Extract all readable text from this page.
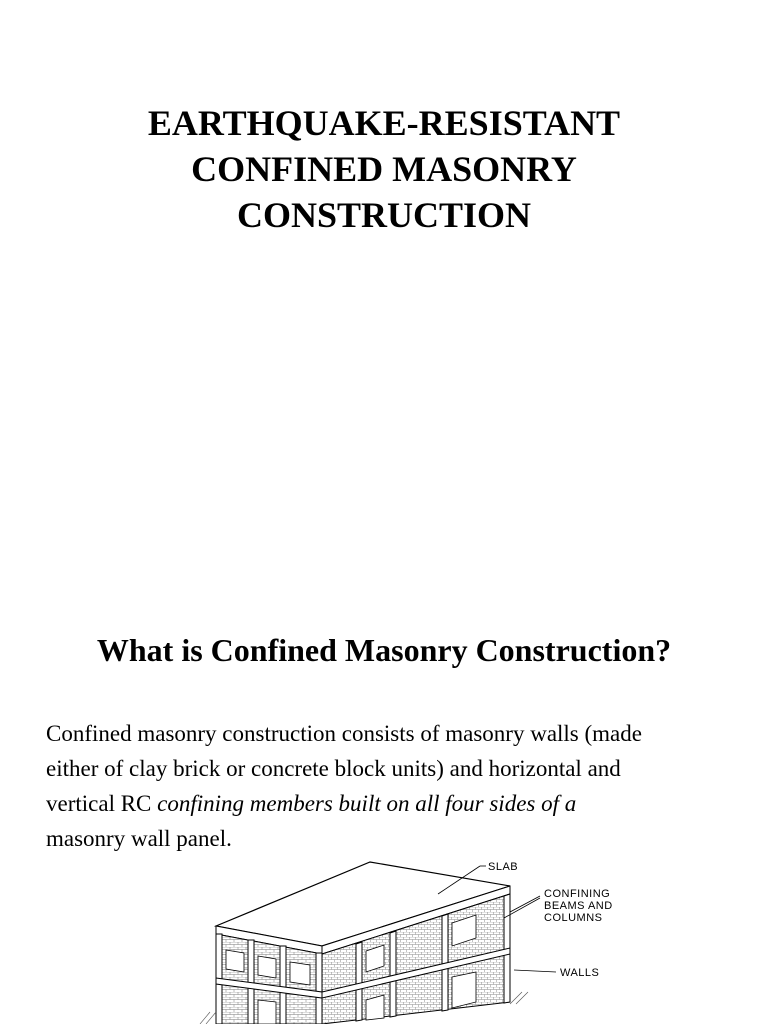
EARTHQUAKE-RESISTANT
CONFINED MASONRY
CONSTRUCTION
What is Confined Masonry Construction?
Confined masonry construction consists of masonry walls (made
either of clay brick or concrete block units) and horizontal and
vertical RC confining members built on all four sides of a
masonry wall panel.
SLAB
CONFINING
BEAMS AND
COLUMNS
WALLS
